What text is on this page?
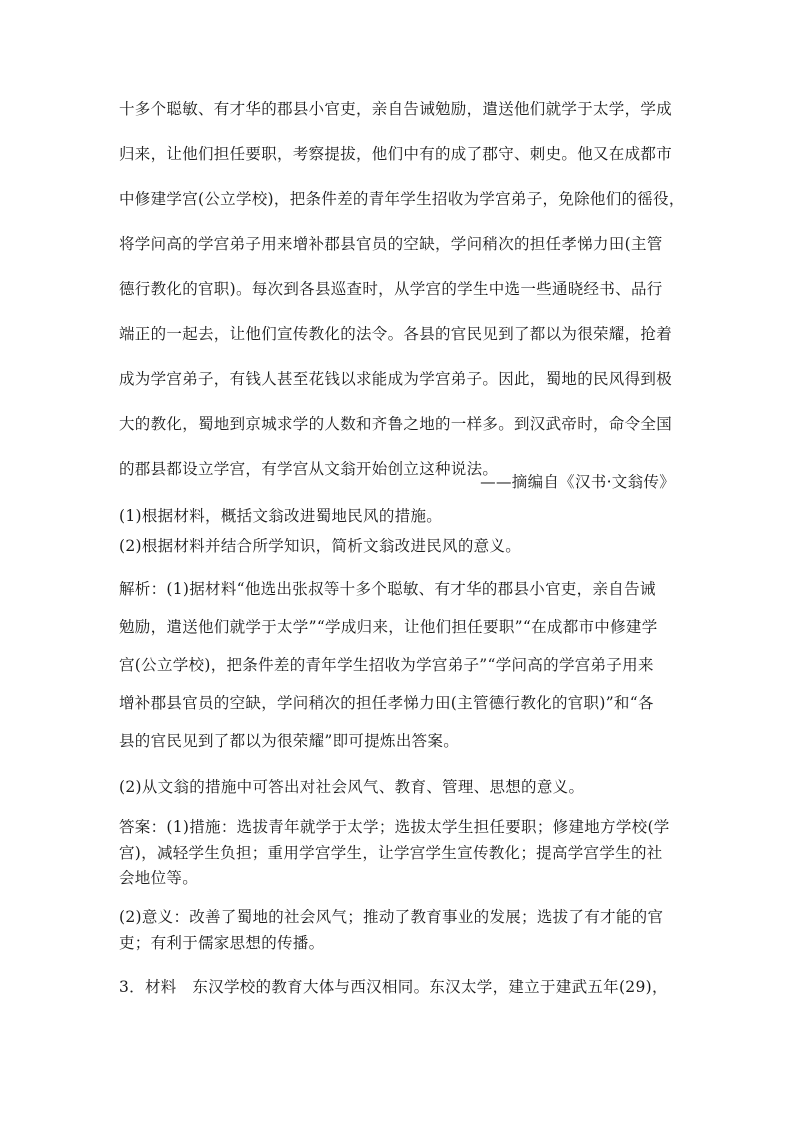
十多个聪敏、有才华的郡县小官吏，亲自告诫勉励，遣送他们就学于太学，学成
归来，让他们担任要职，考察提拔，他们中有的成了郡守、刺史。他又在成都市
中修建学宫(公立学校)，把条件差的青年学生招收为学宫弟子，免除他们的徭役，
将学问高的学宫弟子用来增补郡县官员的空缺，学问稍次的担任孝悌力田(主管
德行教化的官职)。每次到各县巡查时，从学宫的学生中选一些通晓经书、品行
端正的一起去，让他们宣传教化的法令。各县的官民见到了都以为很荣耀，抢着
成为学宫弟子，有钱人甚至花钱以求能成为学宫弟子。因此，蜀地的民风得到极
大的教化，蜀地到京城求学的人数和齐鲁之地的一样多。到汉武帝时，命令全国
的郡县都设立学宫，有学宫从文翁开始创立这种说法。
——摘编自《汉书·文翁传》
(1)根据材料，概括文翁改进蜀地民风的措施。
(2)根据材料并结合所学知识，简析文翁改进民风的意义。
解析：(1)据材料“他选出张叔等十多个聪敏、有才华的郡县小官吏，亲自告诫
勉励，遣送他们就学于太学”“学成归来，让他们担任要职”“在成都市中修建学
宫(公立学校)，把条件差的青年学生招收为学宫弟子”“学问高的学宫弟子用来
增补郡县官员的空缺，学问稍次的担任孝悌力田(主管德行教化的官职)”和“各
县的官民见到了都以为很荣耀”即可提炼出答案。
(2)从文翁的措施中可答出对社会风气、教育、管理、思想的意义。
答案：(1)措施：选拔青年就学于太学；选拔太学生担任要职；修建地方学校(学
宫)，减轻学生负担；重用学宫学生，让学宫学生宣传教化；提高学宫学生的社
会地位等。
(2)意义：改善了蜀地的社会风气；推动了教育事业的发展；选拔了有才能的官
吏；有利于儒家思想的传播。
3．材料　东汉学校的教育大体与西汉相同。东汉太学，建立于建武五年(29)，
